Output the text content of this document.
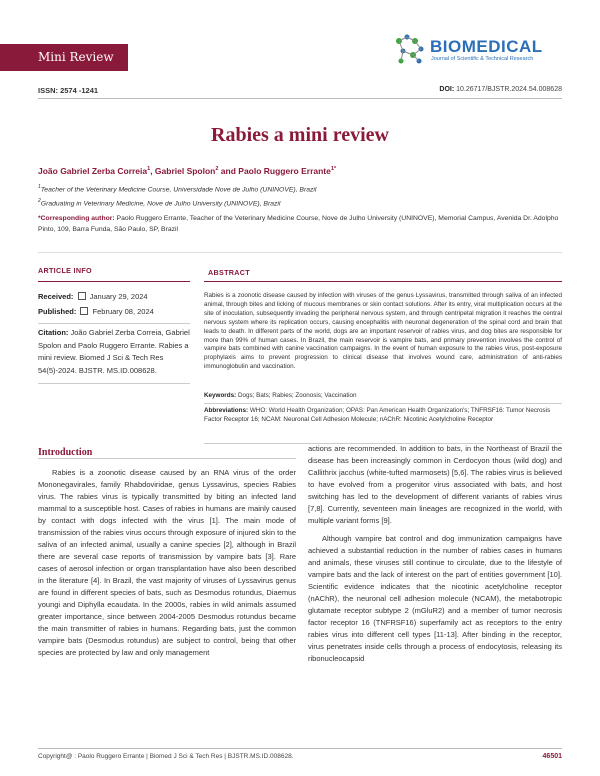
Mini Review
BIOMEDICAL
Journal of Scientific & Technical Research
ISSN: 2574 -1241	DOI: 10.26717/BJSTR.2024.54.008628
Rabies a mini review
João Gabriel Zerba Correia$^1$, Gabriel Spolon$^2$ and Paolo Ruggero Errante$^{1*}$
$^1$Teacher of the Veterinary Medicine Course, Universidade Nove de Julho (UNINOVE), Brazil
$^2$Graduating in Veterinary Medicine, Nove de Julho University (UNINOVE), Brazil
*Corresponding author: Paolo Ruggero Errante, Teacher of the Veterinary Medicine Course, Nove de Julho University (UNINOVE), Memorial Campus, Avenida Dr. Adolpho Pinto, 109, Barra Funda, São Paulo, SP, Brazil
ARTICLE INFO	ABSTRACT
Received: January 29, 2024
Published: February 08, 2024
Citation: João Gabriel Zerba Correia, Gabriel Spolon and Paolo Ruggero Errante. Rabies a mini review. Biomed J Sci & Tech Res 54(5)-2024. BJSTR. MS.ID.008628.
Rabies is a zoonotic disease caused by infection with viruses of the genus Lyssavirus, transmitted through saliva of an infected animal, through bites and licking of mucous membranes or skin contact solutions. After its entry, viral multiplication occurs at the site of inoculation, subsequently invading the peripheral nervous system, and through centripetal migration it reaches the central nervous system where its replication occurs, causing encephalitis with neuronal degeneration of the spinal cord and brain that leads to death. In different parts of the world, dogs are an important reservoir of rabies virus, and dog bites are responsible for more than 99% of human cases. In Brazil, the main reservoir is vampire bats, and primary prevention involves the control of vampire bats combined with canine vaccination campaigns. In the event of human exposure to the rabies virus, post-exposure prophylaxis aims to prevent progression to clinical disease that involves wound care, administration of anti-rabies immunoglobulin and vaccination.
Keywords: Dogs; Bats; Rabies; Zoonosis; Vaccination
Abbreviations: WHO: World Health Organization; OPAS: Pan American Health Organization's; TNFRSF16: Tumor Necrosis Factor Receptor 16; NCAM: Neuronal Cell Adhesion Molecule; nAChR: Nicotinic Acetylcholine Receptor
Introduction

Rabies is a zoonotic disease caused by an RNA virus of the order Mononegavirales, family Rhabdoviridae, genus Lyssavirus, species Rabies virus. The rabies virus is typically transmitted by biting an infected land mammal to a susceptible host. Cases of rabies in humans are mainly caused by contact with dogs infected with the virus [1]. The main mode of transmission of the rabies virus occurs through exposure of injured skin to the saliva of an infected animal, usually a canine species [2], although in Brazil there are several case reports of transmission by vampire bats [3]. Rare cases of aerosol infection or organ transplantation have also been described in the literature [4]. In Brazil, the vast majority of viruses of Lyssavirus genus are found in different species of bats, such as Desmodus rotundus, Diaemus youngi and Diphylla ecaudata. In the 2000s, rabies in wild animals assumed greater importance, since between 2004-2005 Desmodus rotundus became the main transmitter of rabies in humans. Regarding bats, just the common vampire bats (Desmodus rotundus) are subject to control, being that other species are protected by law and only management

actions are recommended. In addition to bats, in the Northeast of Brazil the disease has been increasingly common in Cerdocyon thous (wild dog) and Callithrix jacchus (white-tufted marmosets) [5,6]. The rabies virus is believed to have evolved from a progenitor virus associated with bats, and host switching has led to the development of different variants of rabies virus [7,8]. Currently, seventeen main lineages are recognized in the world, with multiple variant forms [9].

Although vampire bat control and dog immunization campaigns have achieved a substantial reduction in the number of rabies cases in humans and animals, these viruses still continue to circulate, due to the lifestyle of vampire bats and the lack of interest on the part of entities government [10]. Scientific evidence indicates that the nicotinic acetylcholine receptor (nAChR), the neuronal cell adhesion molecule (NCAM), the metabotropic glutamate receptor subtype 2 (mGluR2) and a member of tumor necrosis factor receptor 16 (TNFRSF16) superfamily act as receptors to the entry rabies virus into different cell types [11-13]. After binding in the receptor, virus penetrates inside cells through a process of endocytosis, releasing its ribonucleocapsid

Copyright@ : Paolo Ruggero Errante | Biomed J Sci & Tech Res | BJSTR.MS.ID.008628.	46501
